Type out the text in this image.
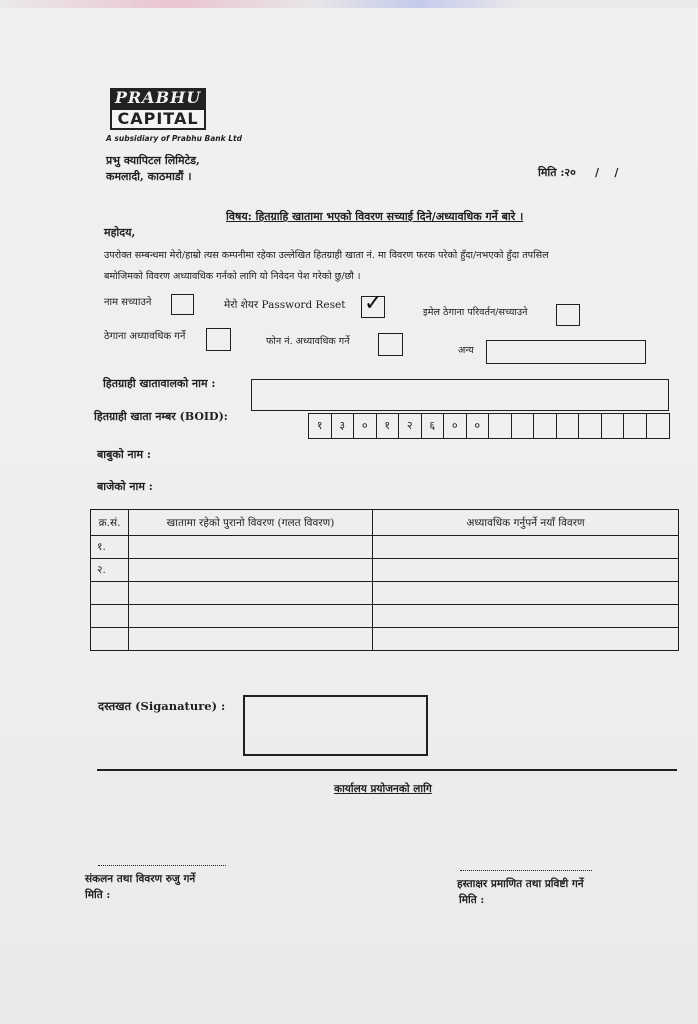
PRABHU
CAPITAL
A subsidiary of Prabhu Bank Ltd
प्रभु क्यापिटल लिमिटेड,
कमलादी, काठमाडौं ।	मिति :२०     /    /
विषय: हितग्राहि खातामा भएको विवरण सच्याई दिने/अध्यावधिक गर्ने बारे ।
महोदय,
उपरोक्त सम्बन्धमा मेरो/हाम्रो त्यस कम्पनीमा रहेका उल्लेखित हितग्राही खाता नं. मा विवरण फरक परेको हुँदा/नभएको हुँदा तपसिल
बमोजिमको विवरण अध्यावधिक गर्नको लागि यो निवेदन पेश गरेको छु/छौ ।
नाम सच्याउने	मेरो शेयर Password Reset ✓	इमेल ठेगाना परिवर्तन/सच्याउने
ठेगाना अध्यावधिक गर्ने	फोन नं. अध्यावधिक गर्ने
अन्य
हितग्राही खातावालको नाम :
हितग्राही खाता नम्बर (BOID):
१	३	०	१	२	६	०	०
बाबुको नाम :
बाजेको नाम :
क्र.सं.	खातामा रहेको पुरानो विवरण (गलत विवरण)	अध्यावधिक गर्नुपर्ने नयाँ विवरण
१.		
२.		

दस्तखत (Siganature) :
कार्यालय प्रयोजनको लागि
संकलन तथा विवरण रुजु गर्ने
मिति :
हस्ताक्षर प्रमाणित तथा प्रविष्टी गर्ने
मिति :
